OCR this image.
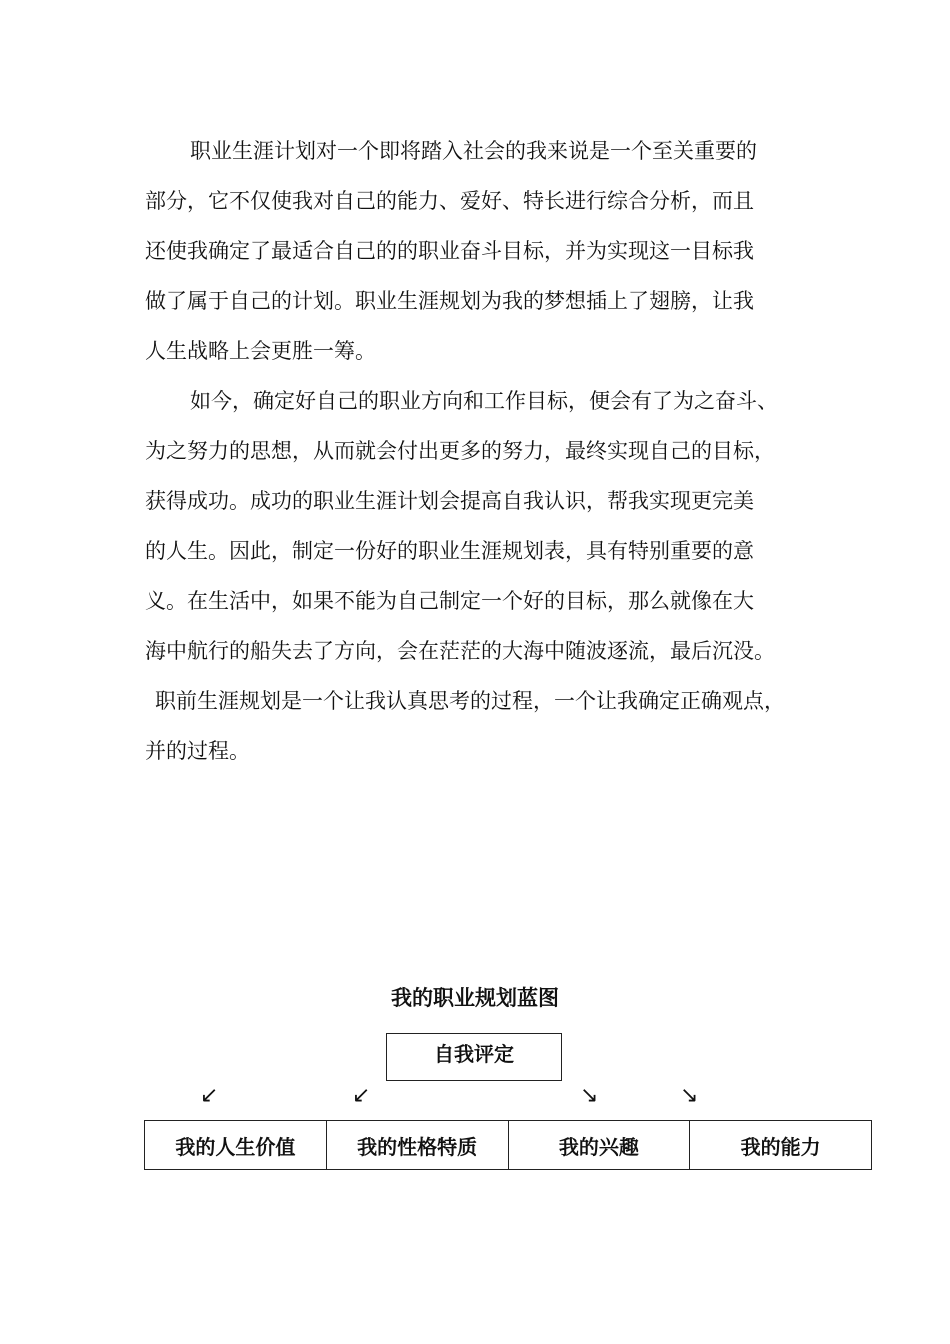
职业生涯计划对一个即将踏入社会的我来说是一个至关重要的
部分，它不仅使我对自己的能力、爱好、特长进行综合分析，而且
还使我确定了最适合自己的的职业奋斗目标，并为实现这一目标我
做了属于自己的计划。职业生涯规划为我的梦想插上了翅膀，让我
人生战略上会更胜一筹。
如今，确定好自己的职业方向和工作目标，便会有了为之奋斗、
为之努力的思想，从而就会付出更多的努力，最终实现自己的目标，
获得成功。成功的职业生涯计划会提高自我认识，帮我实现更完美
的人生。因此，制定一份好的职业生涯规划表，具有特别重要的意
义。在生活中，如果不能为自己制定一个好的目标，那么就像在大
海中航行的船失去了方向，会在茫茫的大海中随波逐流，最后沉没。
职前生涯规划是一个让我认真思考的过程，一个让我确定正确观点，
并的过程。
我的职业规划蓝图
自我评定
↙	↙	↘	↘
我的人生价值	我的性格特质	我的兴趣	我的能力
